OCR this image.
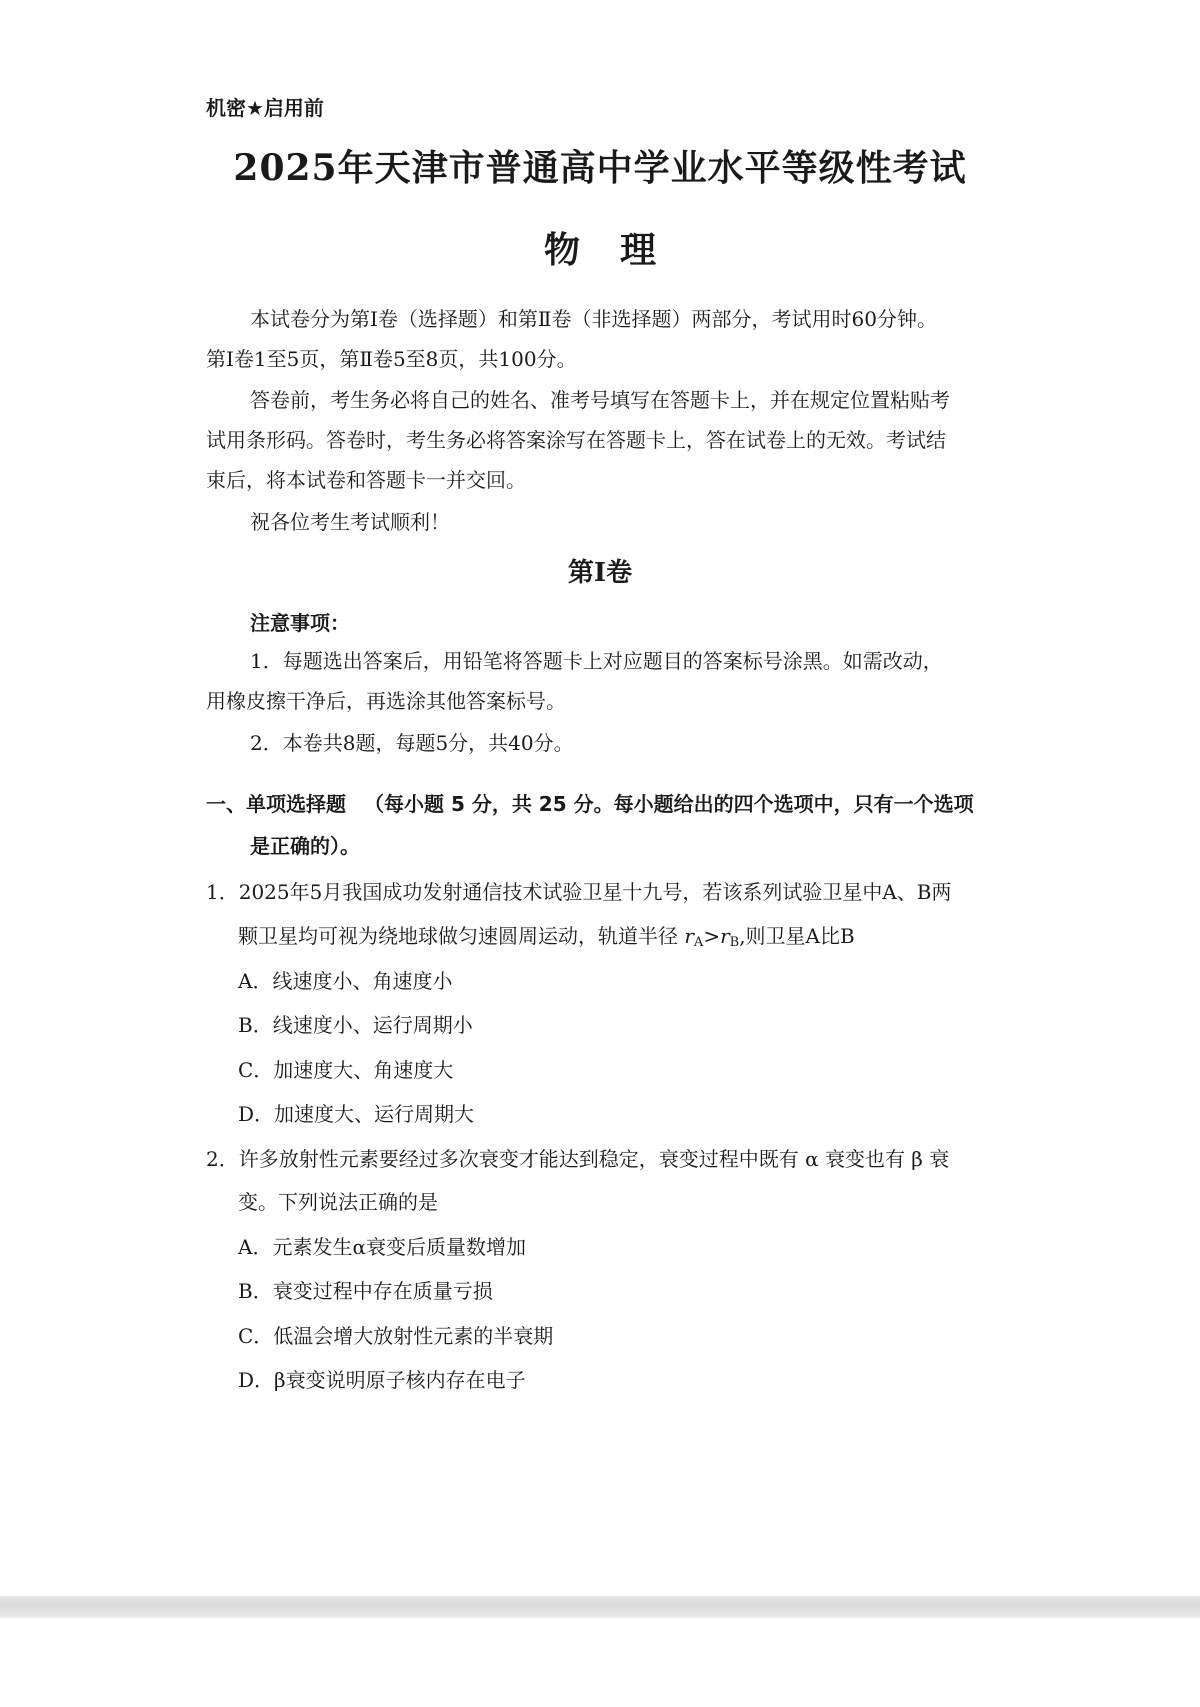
机密★启用前
2025年天津市普通高中学业水平等级性考试
物理
本试卷分为第Ⅰ卷（选择题）和第Ⅱ卷（非选择题）两部分，考试用时60分钟。
第Ⅰ卷1至5页，第Ⅱ卷5至8页，共100分。
答卷前，考生务必将自己的姓名、准考号填写在答题卡上，并在规定位置粘贴考
试用条形码。答卷时，考生务必将答案涂写在答题卡上，答在试卷上的无效。考试结
束后，将本试卷和答题卡一并交回。
祝各位考生考试顺利！
第Ⅰ卷
注意事项：
1．每题选出答案后，用铅笔将答题卡上对应题目的答案标号涂黑。如需改动，
用橡皮擦干净后，再选涂其他答案标号。
2．本卷共8题，每题5分，共40分。
一、单项选择题 （每小题 5 分，共 25 分。每小题给出的四个选项中，只有一个选项
是正确的）。
1．2025年5月我国成功发射通信技术试验卫星十九号，若该系列试验卫星中A、B两
颗卫星均可视为绕地球做匀速圆周运动，轨道半径 $r_A>r_B$,则卫星A比B
A．线速度小、角速度小
B．线速度小、运行周期小
C．加速度大、角速度大
D．加速度大、运行周期大
2．许多放射性元素要经过多次衰变才能达到稳定，衰变过程中既有 α 衰变也有 β 衰
变。下列说法正确的是
A．元素发生α衰变后质量数增加
B．衰变过程中存在质量亏损
C．低温会增大放射性元素的半衰期
D．β衰变说明原子核内存在电子
